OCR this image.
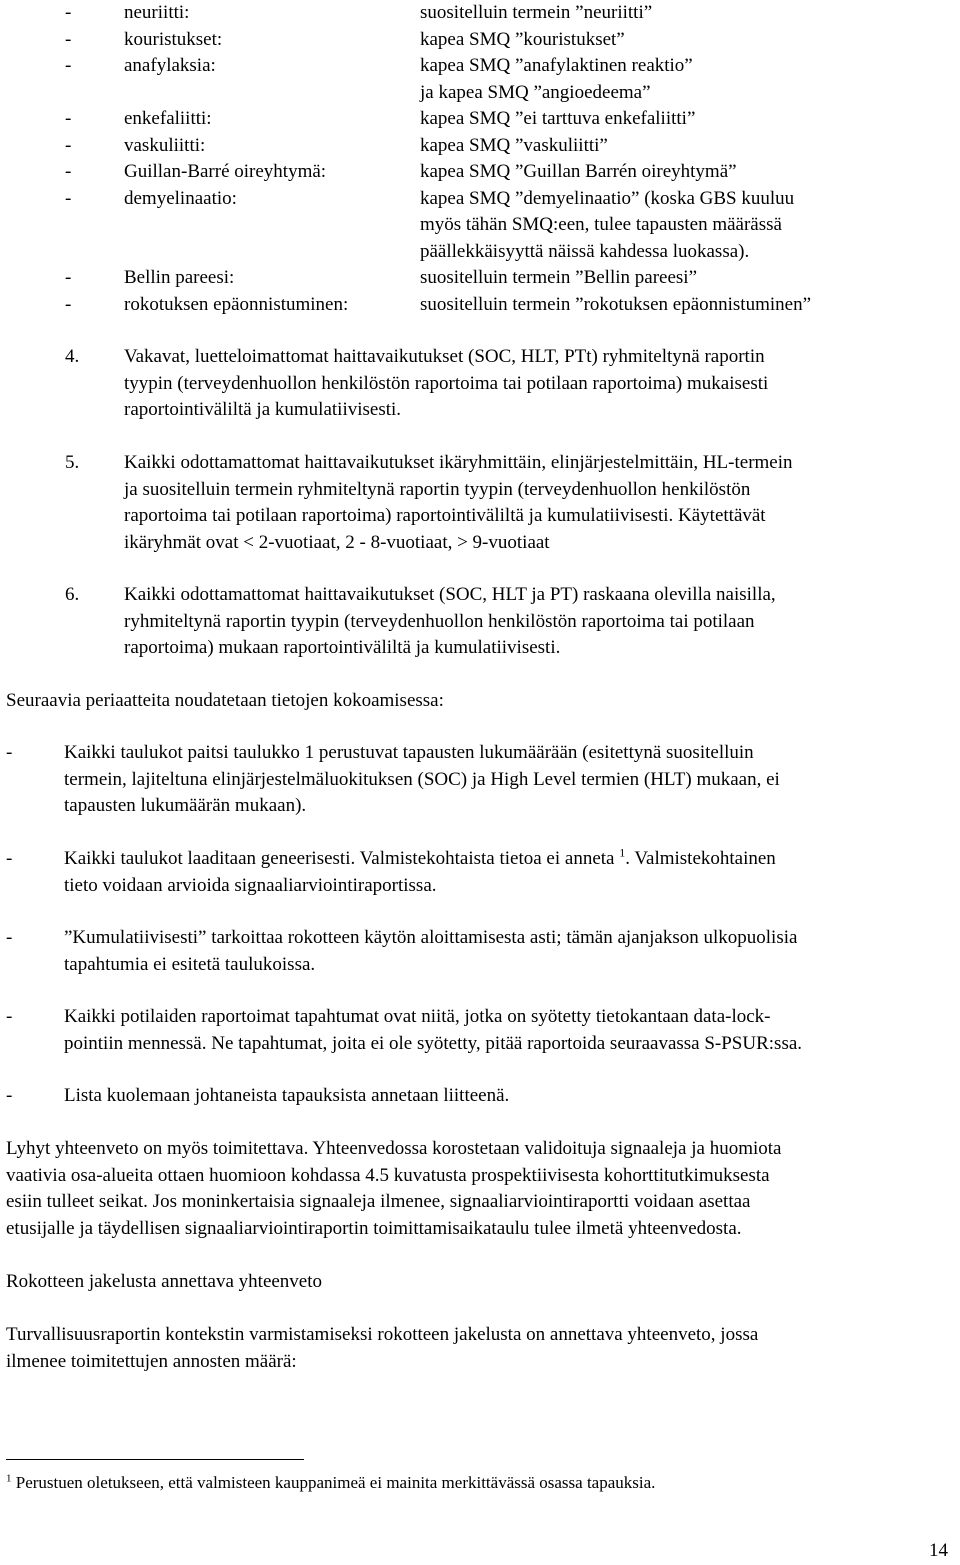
-	neuriitti:	suositelluin termein ”neuriitti”
-	kouristukset:	kapea SMQ ”kouristukset”
-	anafylaksia:	kapea SMQ ”anafylaktinen reaktio”
ja kapea SMQ ”angioedeema”
-	enkefaliitti:	kapea SMQ ”ei tarttuva enkefaliitti”
-	vaskuliitti:	kapea SMQ ”vaskuliitti”
-	Guillan-Barré oireyhtymä:	kapea SMQ ”Guillan Barrén oireyhtymä”
-	demyelinaatio:	kapea SMQ ”demyelinaatio” (koska GBS kuuluu
myös tähän SMQ:een, tulee tapausten määrässä
päällekkäisyyttä näissä kahdessa luokassa).
-	Bellin pareesi:	suositelluin termein ”Bellin pareesi”
-	rokotuksen epäonnistuminen:	suositelluin termein ”rokotuksen epäonnistuminen”
4. Vakavat, luetteloimattomat haittavaikutukset (SOC, HLT, PTt) ryhmiteltynä raportin
tyypin (terveydenhuollon henkilöstön raportoima tai potilaan raportoima) mukaisesti
raportointiväliltä ja kumulatiivisesti.
5. Kaikki odottamattomat haittavaikutukset ikäryhmittäin, elinjärjestelmittäin, HL-termein
ja suositelluin termein ryhmiteltynä raportin tyypin (terveydenhuollon henkilöstön
raportoima tai potilaan raportoima) raportointiväliltä ja kumulatiivisesti. Käytettävät
ikäryhmät ovat < 2-vuotiaat, 2 - 8-vuotiaat, > 9-vuotiaat
6. Kaikki odottamattomat haittavaikutukset (SOC, HLT ja PT) raskaana olevilla naisilla,
ryhmiteltynä raportin tyypin (terveydenhuollon henkilöstön raportoima tai potilaan
raportoima) mukaan raportointiväliltä ja kumulatiivisesti.
Seuraavia periaatteita noudatetaan tietojen kokoamisessa:
-	Kaikki taulukot paitsi taulukko 1 perustuvat tapausten lukumäärään (esitettynä suositelluin
termein, lajiteltuna elinjärjestelmäluokituksen (SOC) ja High Level termien (HLT) mukaan, ei
tapausten lukumäärän mukaan).
-	Kaikki taulukot laaditaan geneerisesti. Valmistekohtaista tietoa ei anneta $^1$. Valmistekohtainen
tieto voidaan arvioida signaaliarviointiraportissa.
-	”Kumulatiivisesti” tarkoittaa rokotteen käytön aloittamisesta asti; tämän ajanjakson ulkopuolisia
tapahtumia ei esitetä taulukoissa.
-	Kaikki potilaiden raportoimat tapahtumat ovat niitä, jotka on syötetty tietokantaan data-lock-
pointiin mennessä. Ne tapahtumat, joita ei ole syötetty, pitää raportoida seuraavassa S-PSUR:ssa.
-	Lista kuolemaan johtaneista tapauksista annetaan liitteenä.
Lyhyt yhteenveto on myös toimitettava. Yhteenvedossa korostetaan validoituja signaaleja ja huomiota
vaativia osa-alueita ottaen huomioon kohdassa 4.5 kuvatusta prospektiivisesta kohorttitutkimuksesta
esiin tulleet seikat. Jos moninkertaisia signaaleja ilmenee, signaaliarviointiraportti voidaan asettaa
etusijalle ja täydellisen signaaliarviointiraportin toimittamisaikataulu tulee ilmetä yhteenvedosta.
Rokotteen jakelusta annettava yhteenveto
Turvallisuusraportin kontekstin varmistamiseksi rokotteen jakelusta on annettava yhteenveto, jossa
ilmenee toimitettujen annosten määrä:
$^1$ Perustuen oletukseen, että valmisteen kauppanimeä ei mainita merkittävässä osassa tapauksia.
14
